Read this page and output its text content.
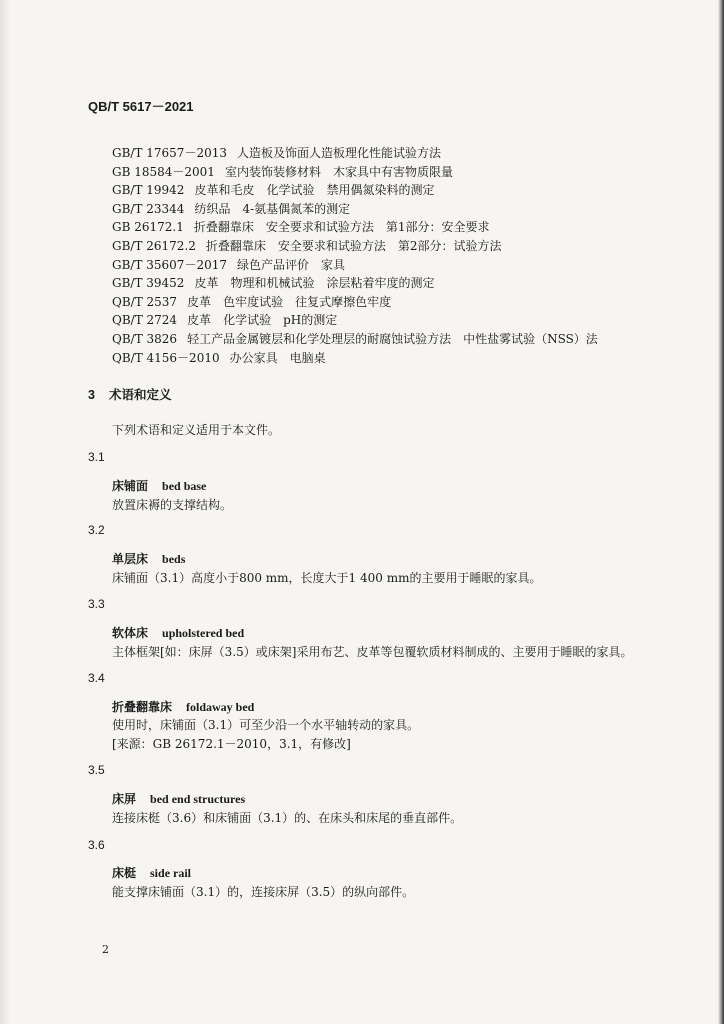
QB/T 5617－2021
GB/T 17657－2013 人造板及饰面人造板理化性能试验方法
GB 18584－2001 室内装饰装修材料　木家具中有害物质限量
GB/T 19942 皮革和毛皮　化学试验　禁用偶氮染料的测定
GB/T 23344 纺织品　4-氨基偶氮苯的测定
GB 26172.1 折叠翻靠床　安全要求和试验方法　第1部分：安全要求
GB/T 26172.2 折叠翻靠床　安全要求和试验方法　第2部分：试验方法
GB/T 35607－2017 绿色产品评价　家具
GB/T 39452 皮革　物理和机械试验　涂层粘着牢度的测定
QB/T 2537 皮革　色牢度试验　往复式摩擦色牢度
QB/T 2724 皮革　化学试验　pH的测定
QB/T 3826 轻工产品金属镀层和化学处理层的耐腐蚀试验方法　中性盐雾试验（NSS）法
QB/T 4156－2010 办公家具　电脑桌
3 术语和定义
下列术语和定义适用于本文件。
3.1
床铺面 bed base
放置床褥的支撑结构。
3.2
单层床 beds
床铺面（3.1）高度小于800 mm，长度大于1 400 mm的主要用于睡眠的家具。
3.3
软体床 upholstered bed
主体框架[如：床屏（3.5）或床架]采用布艺、皮革等包覆软质材料制成的、主要用于睡眠的家具。
3.4
折叠翻靠床 foldaway bed
使用时，床铺面（3.1）可至少沿一个水平轴转动的家具。
[来源：GB 26172.1－2010，3.1，有修改]
3.5
床屏 bed end structures
连接床梃（3.6）和床铺面（3.1）的、在床头和床尾的垂直部件。
3.6
床梃 side rail
能支撑床铺面（3.1）的，连接床屏（3.5）的纵向部件。
2
